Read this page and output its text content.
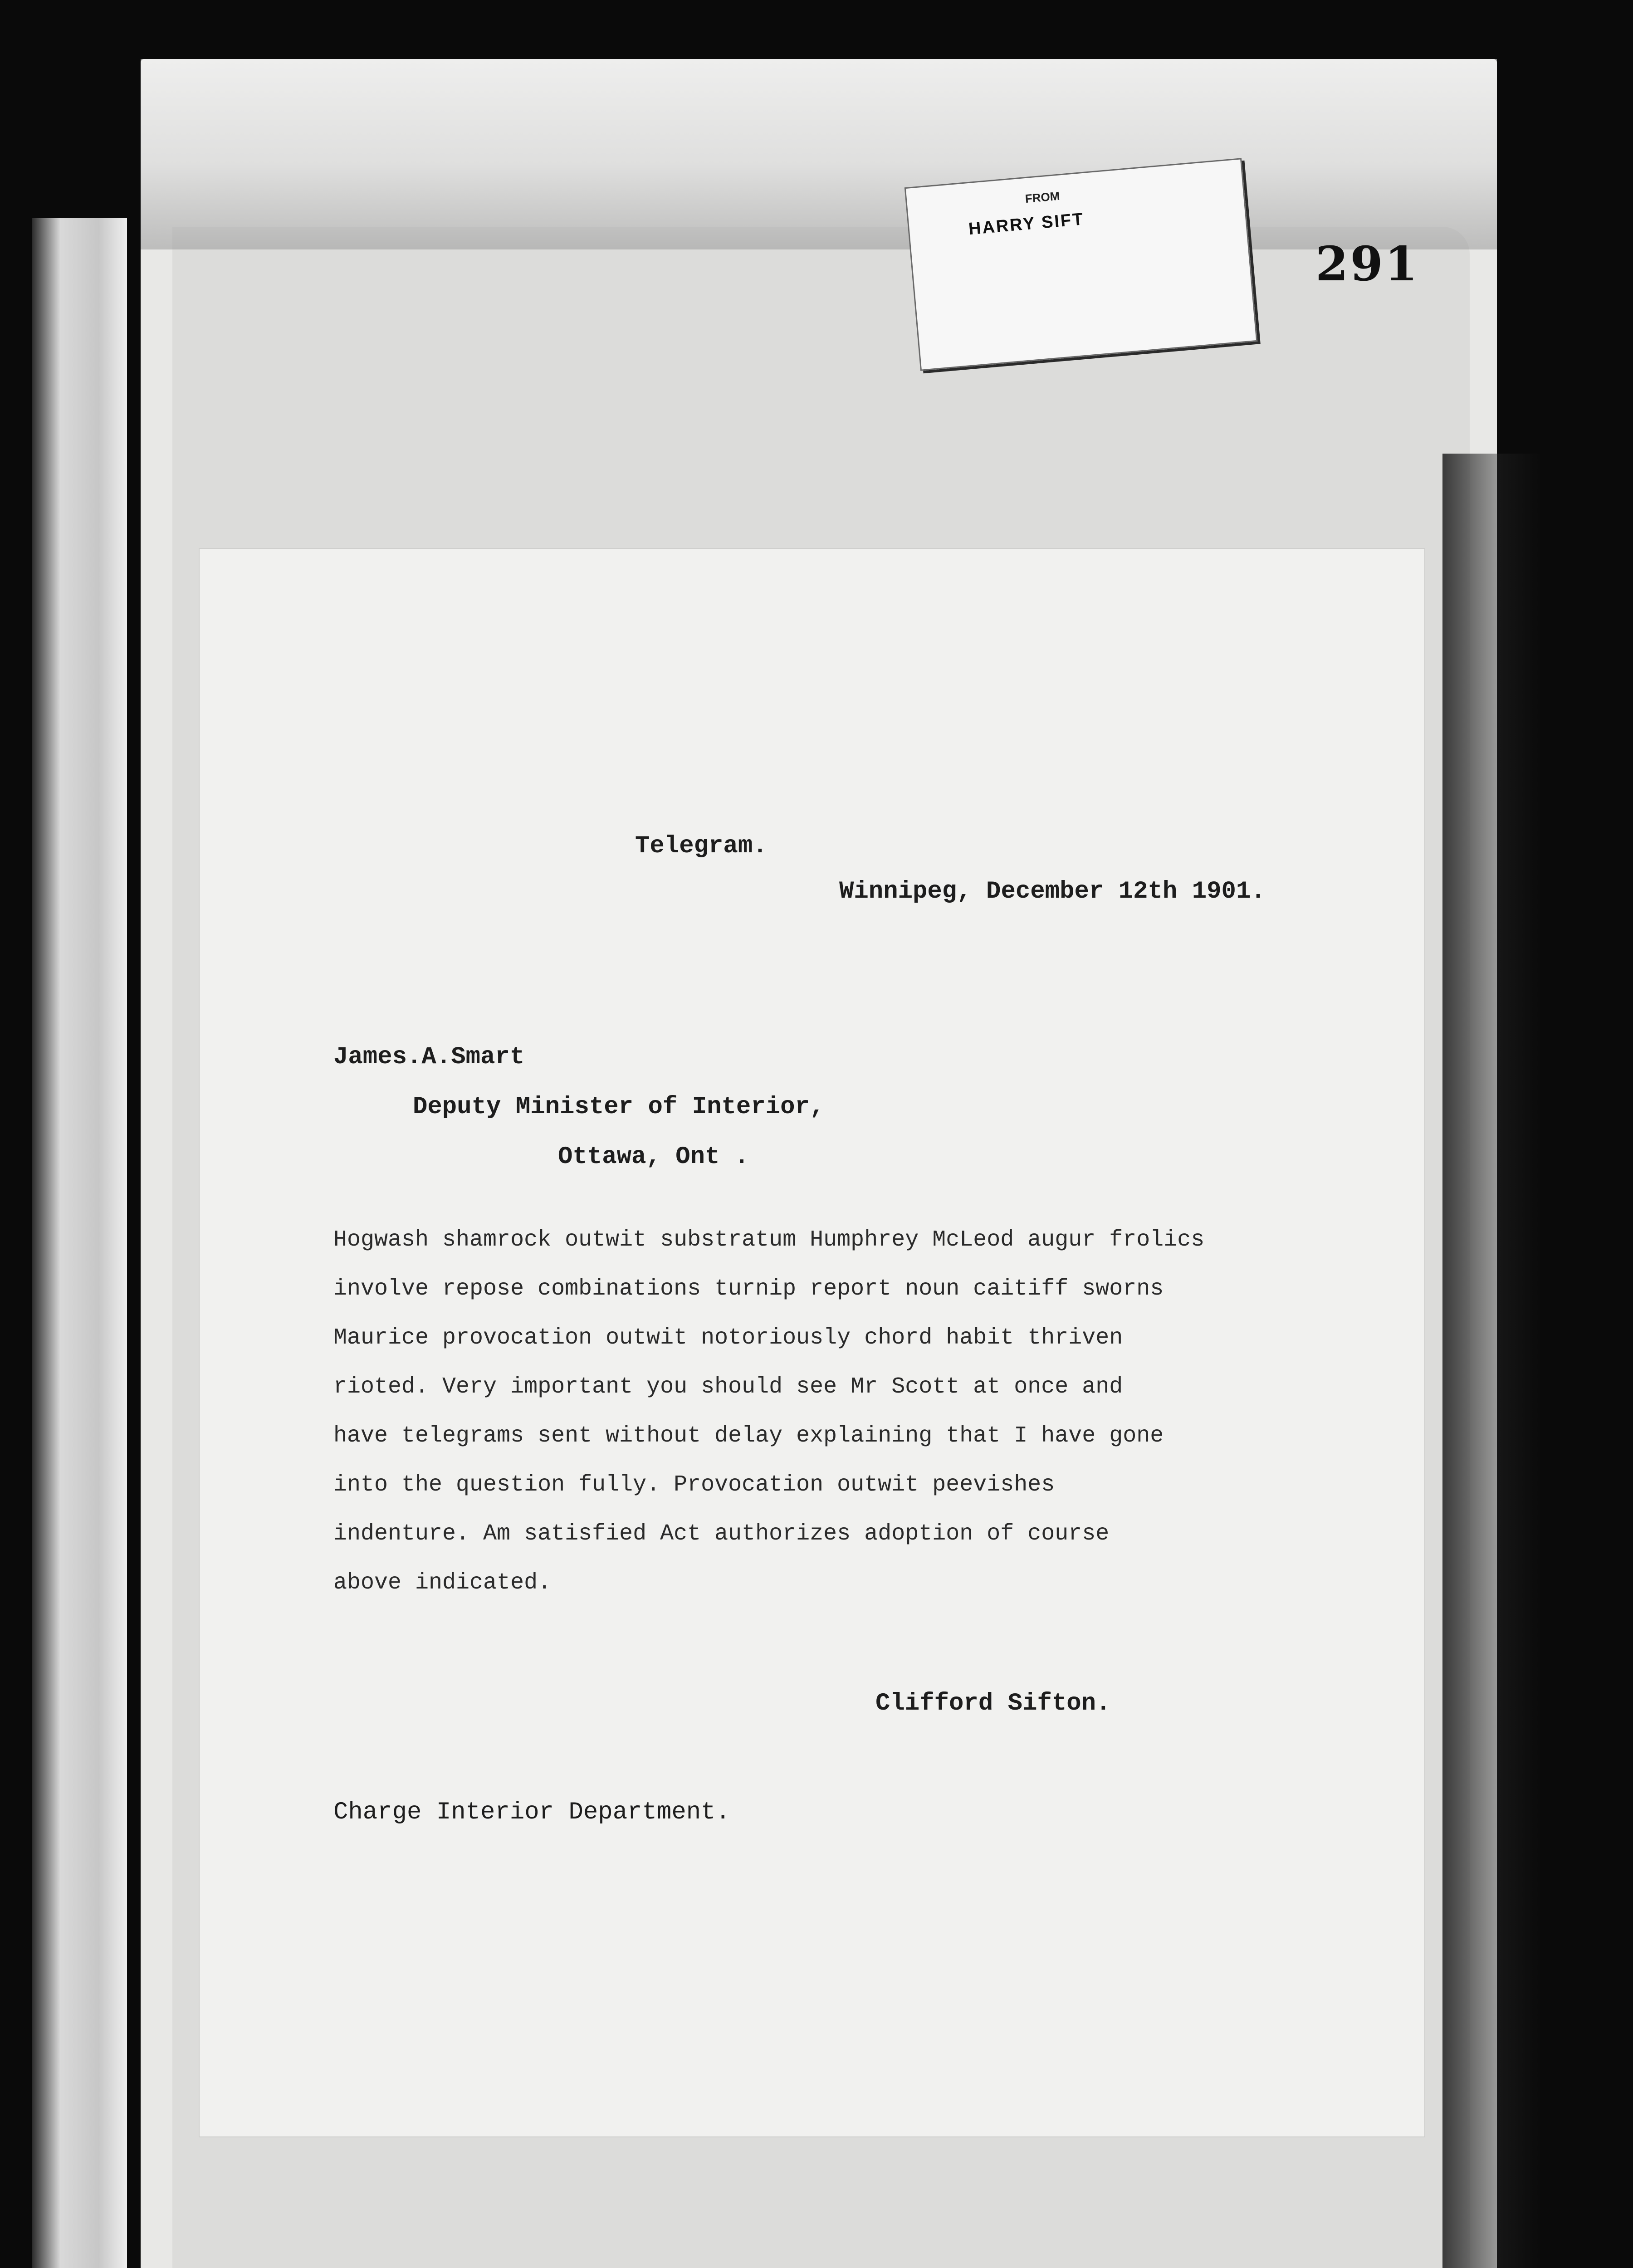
FROM
HARRY SIFT
291
Telegram.
Winnipeg, December 12th 1901.
James.A.Smart
Deputy Minister of Interior,
Ottawa, Ont .
Hogwash shamrock outwit substratum Humphrey McLeod augur frolics
involve repose combinations turnip report noun caitiff sworns
Maurice provocation outwit notoriously chord habit thriven
rioted. Very important you should see Mr Scott at once and
have telegrams sent without delay explaining that I have gone
into the question fully. Provocation outwit peevishes
indenture. Am satisfied Act authorizes adoption of course
above indicated.
Clifford Sifton.
Charge Interior Department.
